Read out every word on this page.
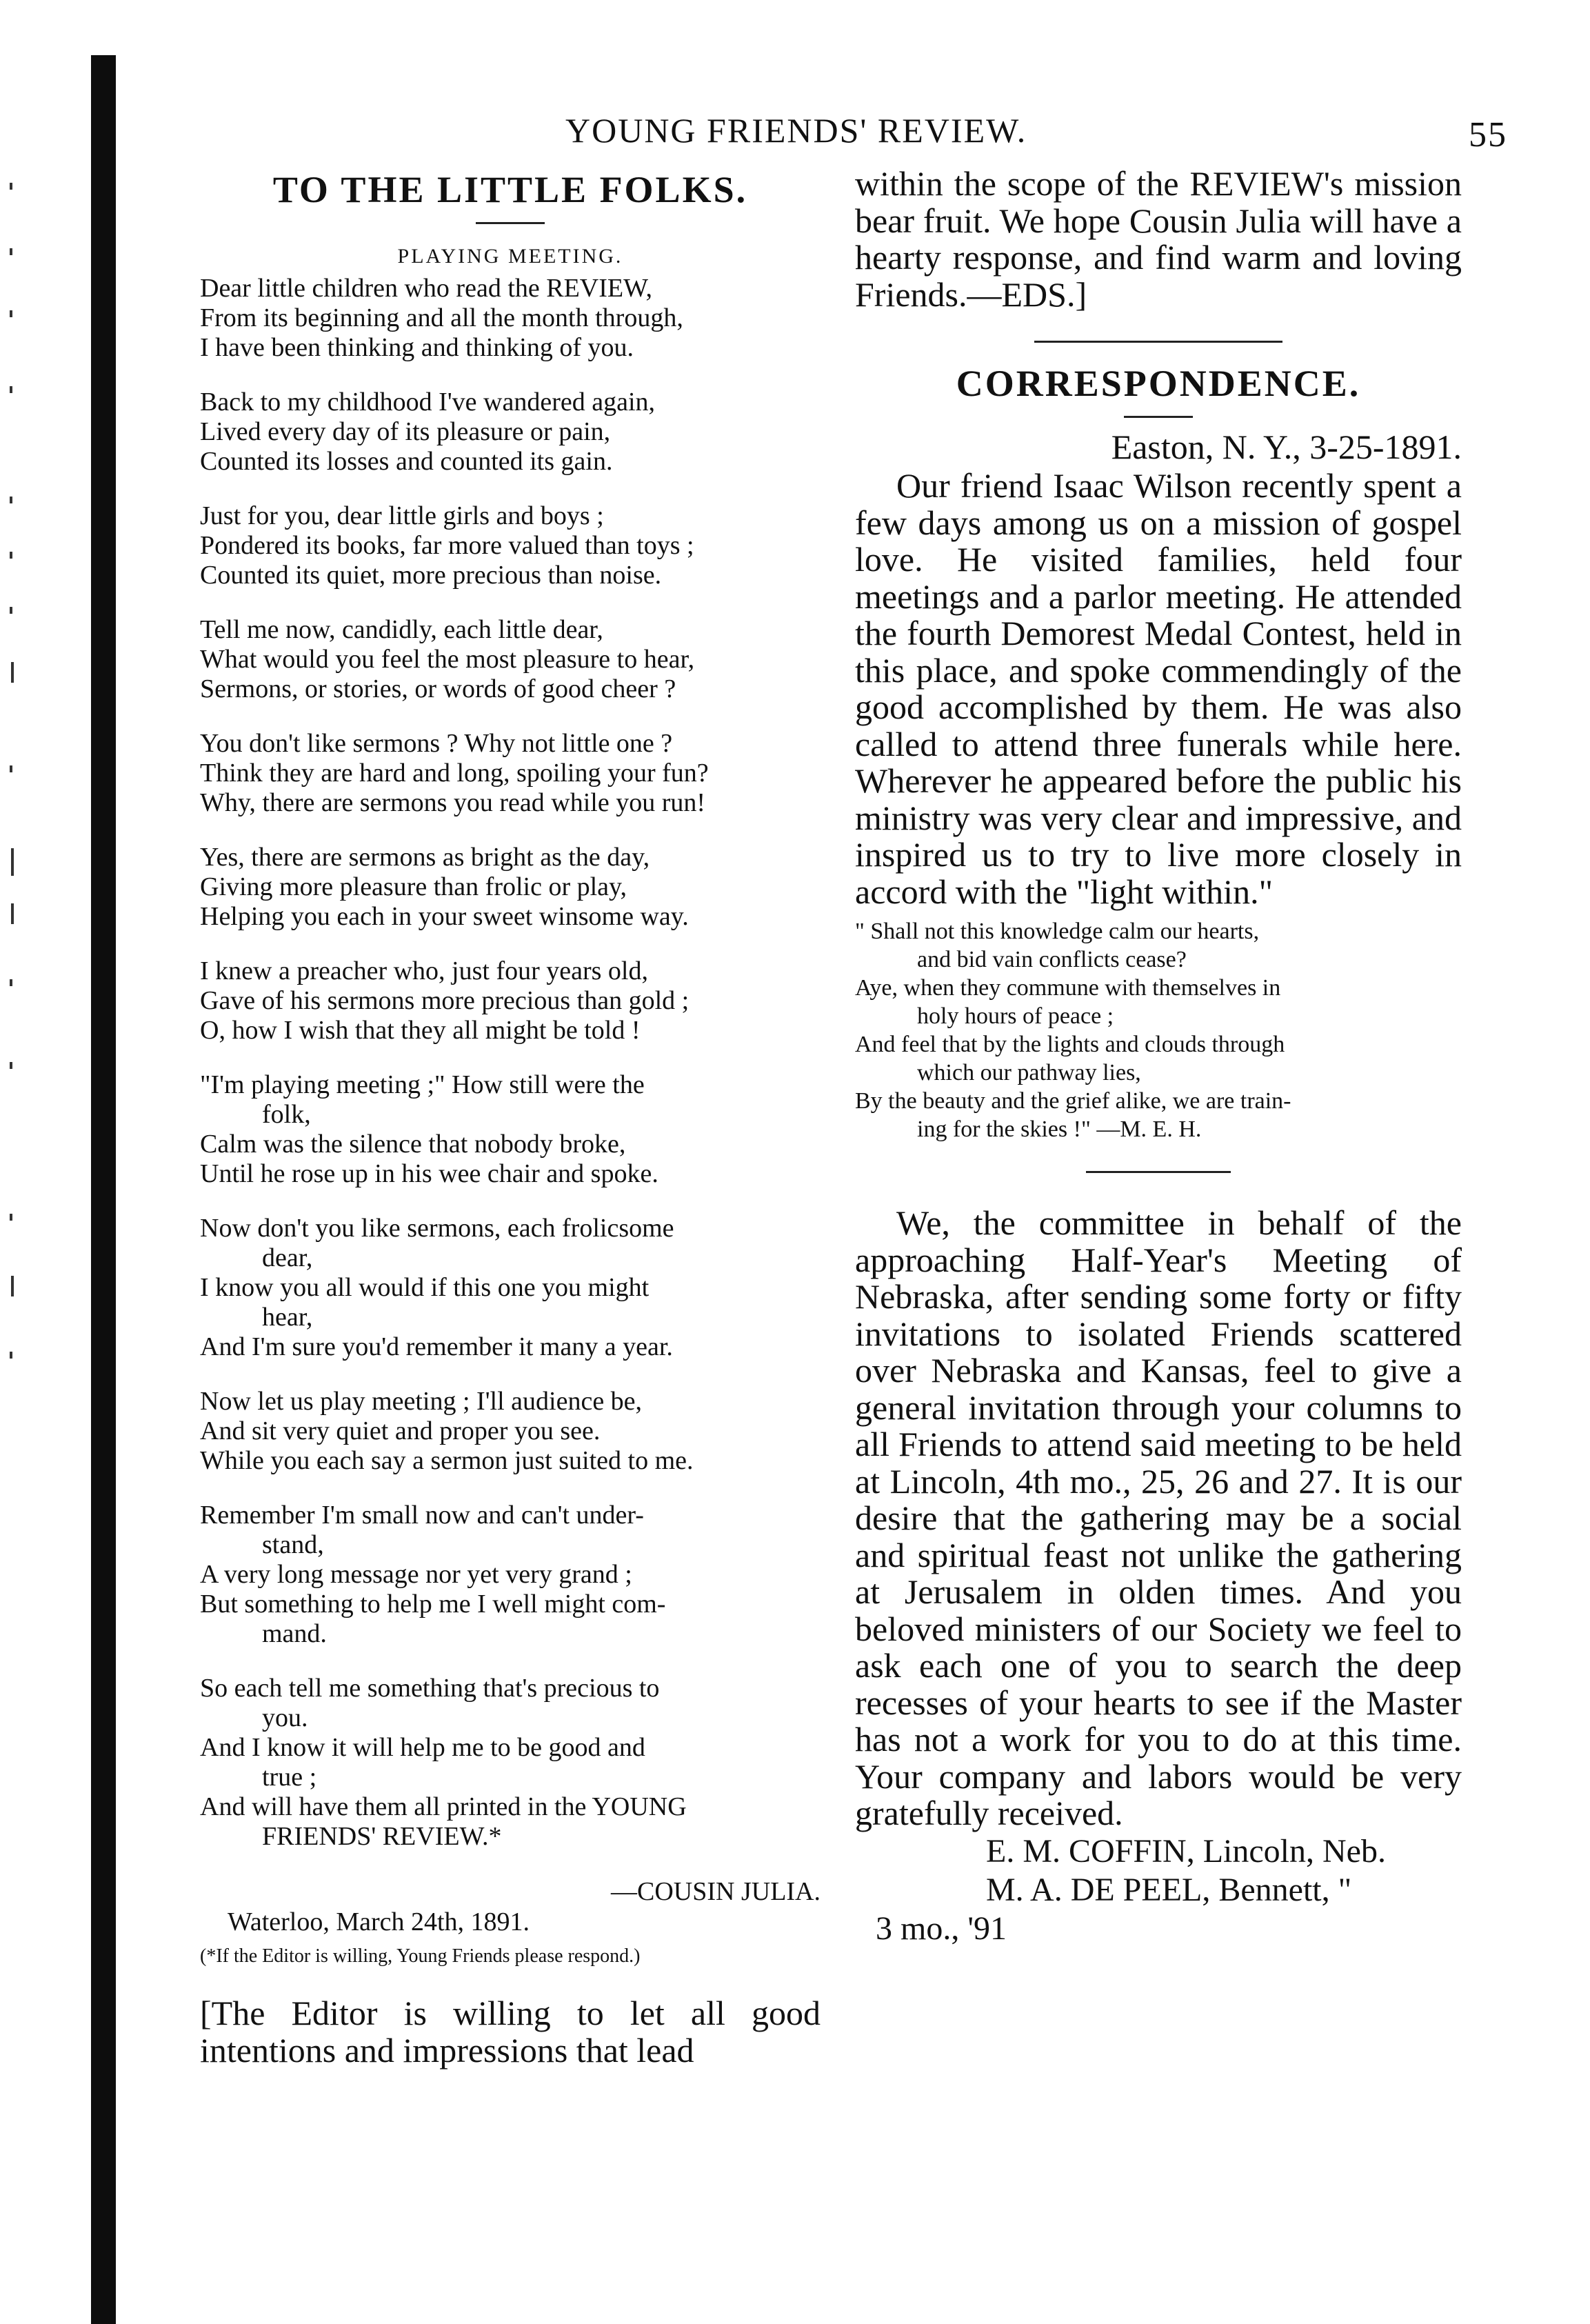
YOUNG FRIENDS' REVIEW.	55
TO THE LITTLE FOLKS.
PLAYING MEETING.
Dear little children who read the REVIEW,
From its beginning and all the month through,
I have been thinking and thinking of you.
Back to my childhood I've wandered again,
Lived every day of its pleasure or pain,
Counted its losses and counted its gain.
Just for you, dear little girls and boys ;
Pondered its books, far more valued than toys ;
Counted its quiet, more precious than noise.
Tell me now, candidly, each little dear,
What would you feel the most pleasure to hear,
Sermons, or stories, or words of good cheer ?
You don't like sermons ? Why not little one ?
Think they are hard and long, spoiling your fun?
Why, there are sermons you read while you run!
Yes, there are sermons as bright as the day,
Giving more pleasure than frolic or play,
Helping you each in your sweet winsome way.
I knew a preacher who, just four years old,
Gave of his sermons more precious than gold ;
O, how I wish that they all might be told !
"I'm playing meeting ;" How still were the
folk,
Calm was the silence that nobody broke,
Until he rose up in his wee chair and spoke.
Now don't you like sermons, each frolicsome
dear,
I know you all would if this one you might
hear,
And I'm sure you'd remember it many a year.
Now let us play meeting ; I'll audience be,
And sit very quiet and proper you see.
While you each say a sermon just suited to me.
Remember I'm small now and can't under-
stand,
A very long message nor yet very grand ;
But something to help me I well might com-
mand.
So each tell me something that's precious to
you.
And I know it will help me to be good and
true ;
And will have them all printed in the YOUNG
FRIENDS' REVIEW.*

—COUSIN JULIA.

Waterloo, March 24th, 1891.

(*If the Editor is willing, Young Friends please respond.)

[The Editor is willing to let all good intentions and impressions that lead

within the scope of the REVIEW's mission bear fruit. We hope Cousin Julia will have a hearty response, and find warm and loving Friends.—EDS.]

CORRESPONDENCE.

Easton, N. Y., 3-25-1891.

Our friend Isaac Wilson recently spent a few days among us on a mission of gospel love. He visited families, held four meetings and a parlor meeting. He attended the fourth Demorest Medal Contest, held in this place, and spoke commendingly of the good accomplished by them. He was also called to attend three funerals while here. Wherever he appeared before the public his ministry was very clear and impressive, and inspired us to try to live more closely in accord with the "light within."

" Shall not this knowledge calm our hearts,
and bid vain conflicts cease?
Aye, when they commune with themselves in
holy hours of peace ;
And feel that by the lights and clouds through
which our pathway lies,
By the beauty and the grief alike, we are train-
ing for the skies !" —M. E. H.

We, the committee in behalf of the approaching Half-Year's Meeting of Nebraska, after sending some forty or fifty invitations to isolated Friends scattered over Nebraska and Kansas, feel to give a general invitation through your columns to all Friends to attend said meeting to be held at Lincoln, 4th mo., 25, 26 and 27. It is our desire that the gathering may be a social and spiritual feast not unlike the gathering at Jerusalem in olden times. And you beloved ministers of our Society we feel to ask each one of you to search the deep recesses of your hearts to see if the Master has not a work for you to do at this time. Your company and labors would be very gratefully received.

E. M. COFFIN, Lincoln, Neb.

M. A. DE PEEL, Bennett, "

3 mo., '91
